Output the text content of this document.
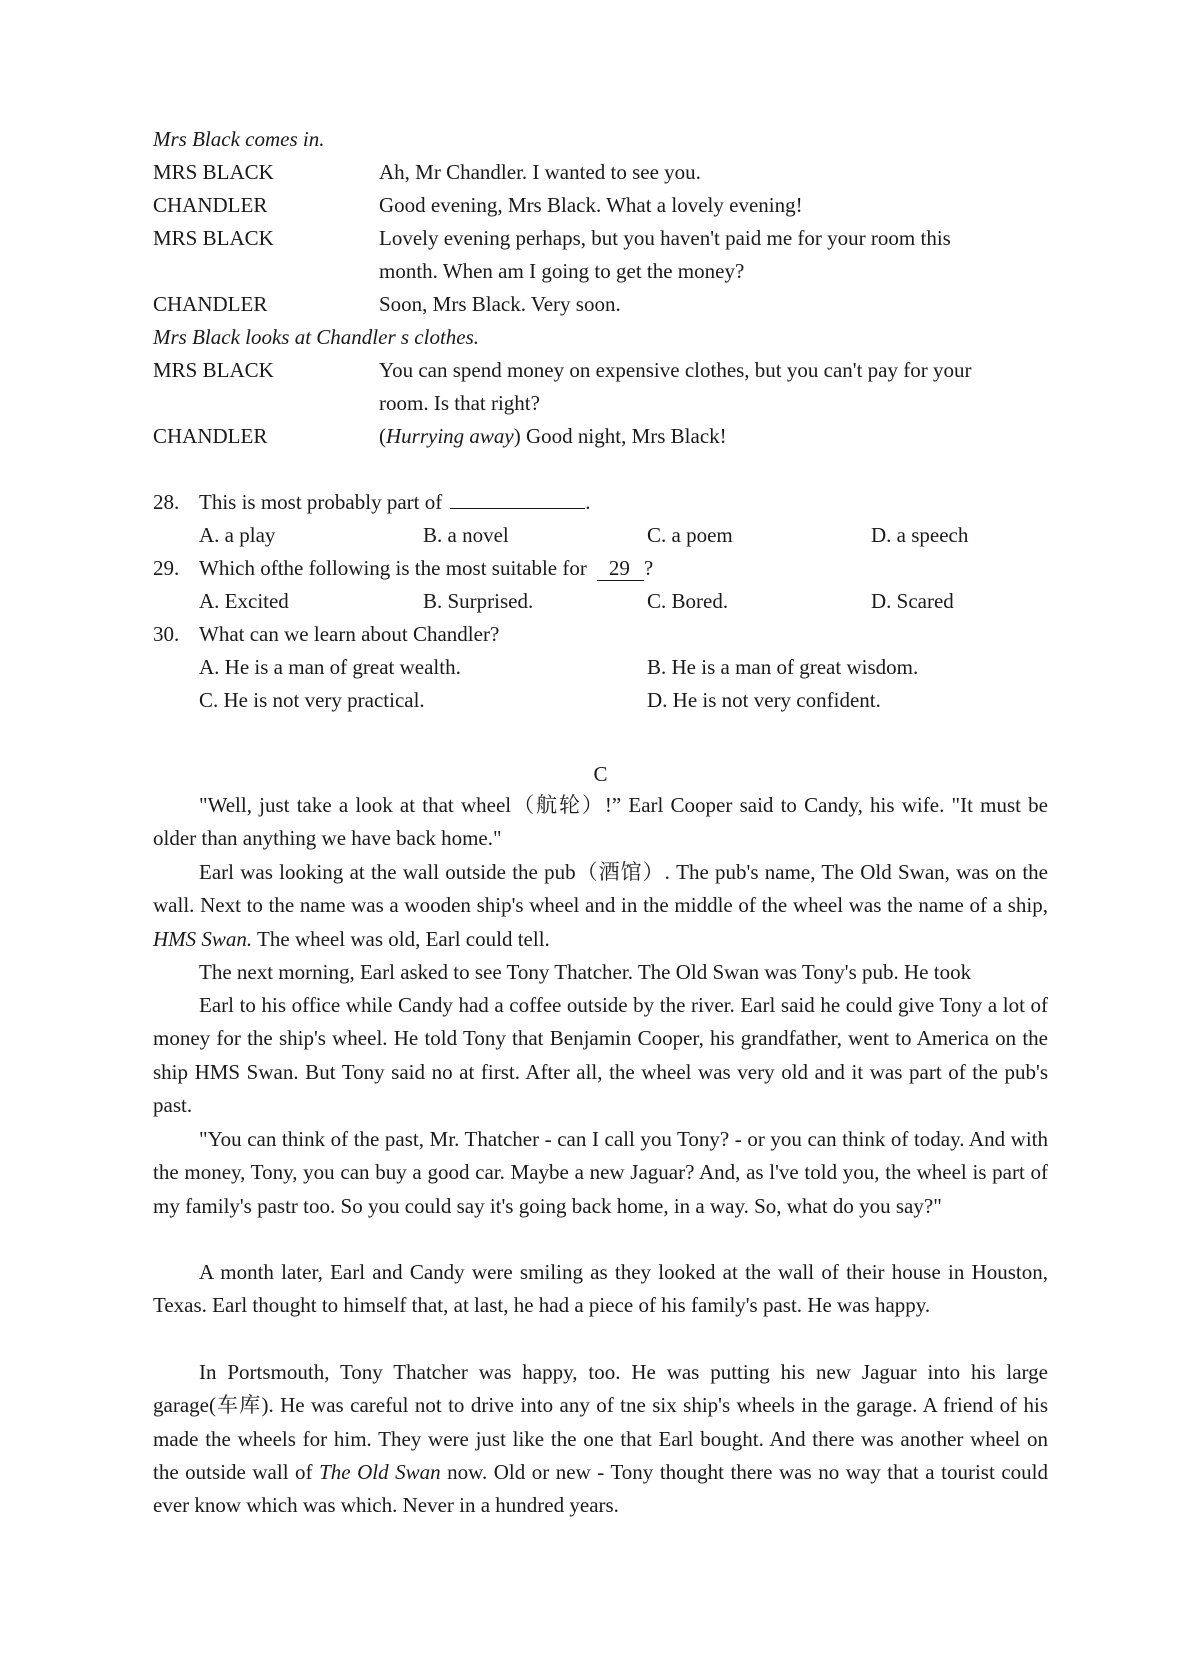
Mrs Black comes in.
MRS BLACK	Ah, Mr Chandler. I wanted to see you.
CHANDLER	Good evening, Mrs Black. What a lovely evening!
MRS BLACK	Lovely evening perhaps, but you haven't paid me for your room this
month. When am I going to get the money?
CHANDLER	Soon, Mrs Black. Very soon.
Mrs Black looks at Chandler s clothes.
MRS BLACK	You can spend money on expensive clothes, but you can't pay for your
room. Is that right?
CHANDLER	(Hurrying away) Good night, Mrs Black!
28. This is most probably part of	.
A. a play	B. a novel	C. a poem	D. a speech
29. Which ofthe following is the most suitable for 29 ?
A. Excited	B. Surprised.	C. Bored.	D. Scared
30. What can we learn about Chandler?
A. He is a man of great wealth.	B. He is a man of great wisdom.
C. He is not very practical.	D. He is not very confident.
C

"Well, just take a look at that wheel（航轮）!” Earl Cooper said to Candy, his wife. "It must be older than anything we have back home."

Earl was looking at the wall outside the pub（酒馆）. The pub's name, The Old Swan, was on the wall. Next to the name was a wooden ship's wheel and in the middle of the wheel was the name of a ship, HMS Swan. The wheel was old, Earl could tell.

The next morning, Earl asked to see Tony Thatcher. The Old Swan was Tony's pub. He took

Earl to his office while Candy had a coffee outside by the river. Earl said he could give Tony a lot of money for the ship's wheel. He told Tony that Benjamin Cooper, his grandfather, went to America on the ship HMS Swan. But Tony said no at first. After all, the wheel was very old and it was part of the pub's past.

"You can think of the past, Mr. Thatcher - can I call you Tony? - or you can think of today. And with the money, Tony, you can buy a good car. Maybe a new Jaguar? And, as l've told you, the wheel is part of my family's pastr too. So you could say it's going back home, in a way. So, what do you say?"

A month later, Earl and Candy were smiling as they looked at the wall of their house in Houston, Texas. Earl thought to himself that, at last, he had a piece of his family's past. He was happy.

In Portsmouth, Tony Thatcher was happy, too. He was putting his new Jaguar into his large garage(车库). He was careful not to drive into any of tne six ship's wheels in the garage. A friend of his made the wheels for him. They were just like the one that Earl bought. And there was another wheel on the outside wall of The Old Swan now. Old or new - Tony thought there was no way that a tourist could ever know which was which. Never in a hundred years.
